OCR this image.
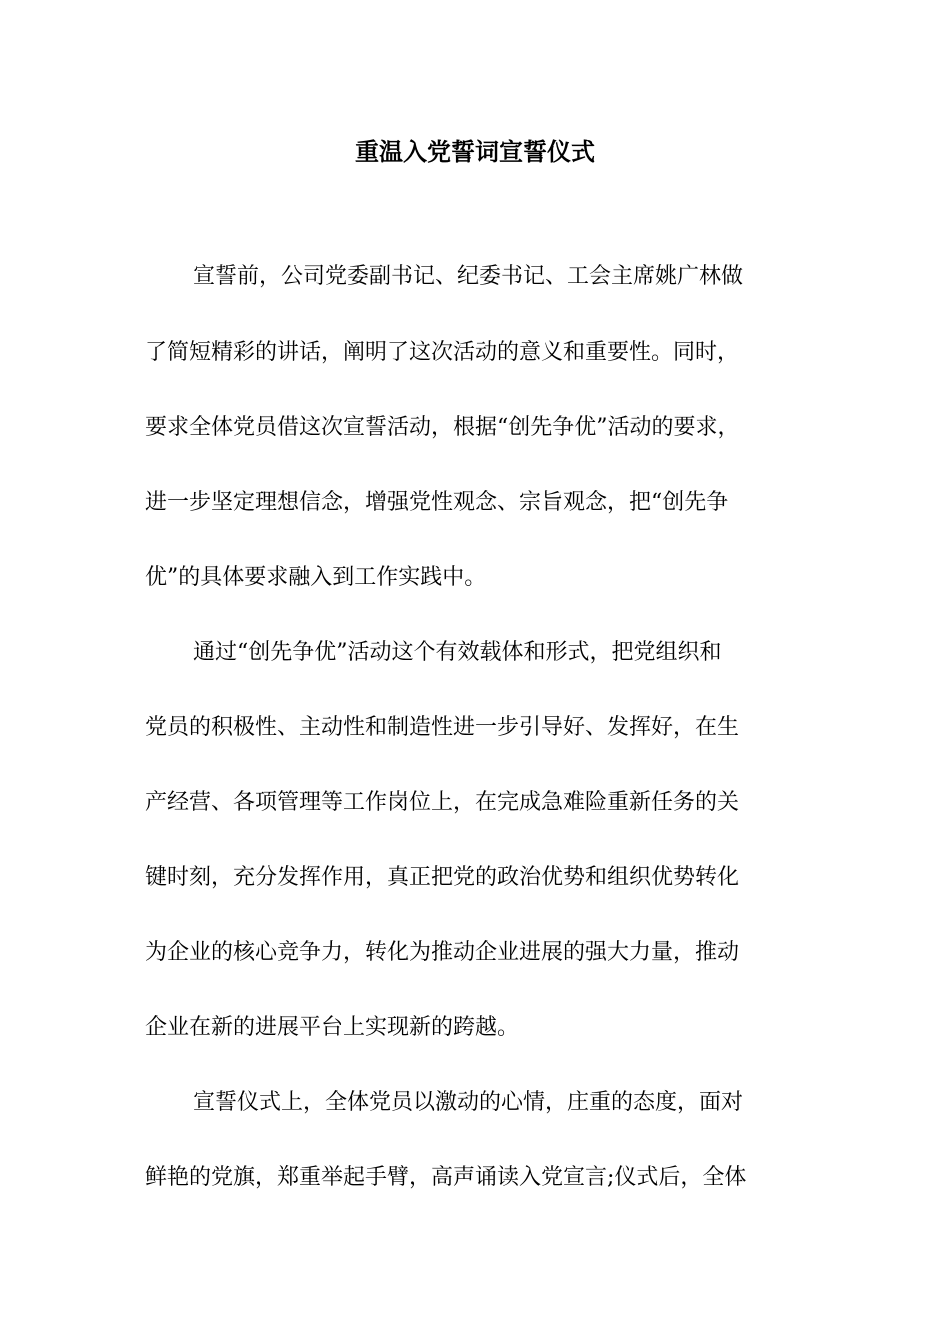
重温入党誓词宣誓仪式
宣誓前，公司党委副书记、纪委书记、工会主席姚广林做
了简短精彩的讲话，阐明了这次活动的意义和重要性。同时，
要求全体党员借这次宣誓活动，根据“创先争优”活动的要求，
进一步坚定理想信念，增强党性观念、宗旨观念，把“创先争
优”的具体要求融入到工作实践中。
通过“创先争优”活动这个有效载体和形式，把党组织和
党员的积极性、主动性和制造性进一步引导好、发挥好，在生
产经营、各项管理等工作岗位上，在完成急难险重新任务的关
键时刻，充分发挥作用，真正把党的政治优势和组织优势转化
为企业的核心竞争力，转化为推动企业进展的强大力量，推动
企业在新的进展平台上实现新的跨越。
宣誓仪式上，全体党员以激动的心情，庄重的态度，面对
鲜艳的党旗，郑重举起手臂，高声诵读入党宣言;仪式后，全体
